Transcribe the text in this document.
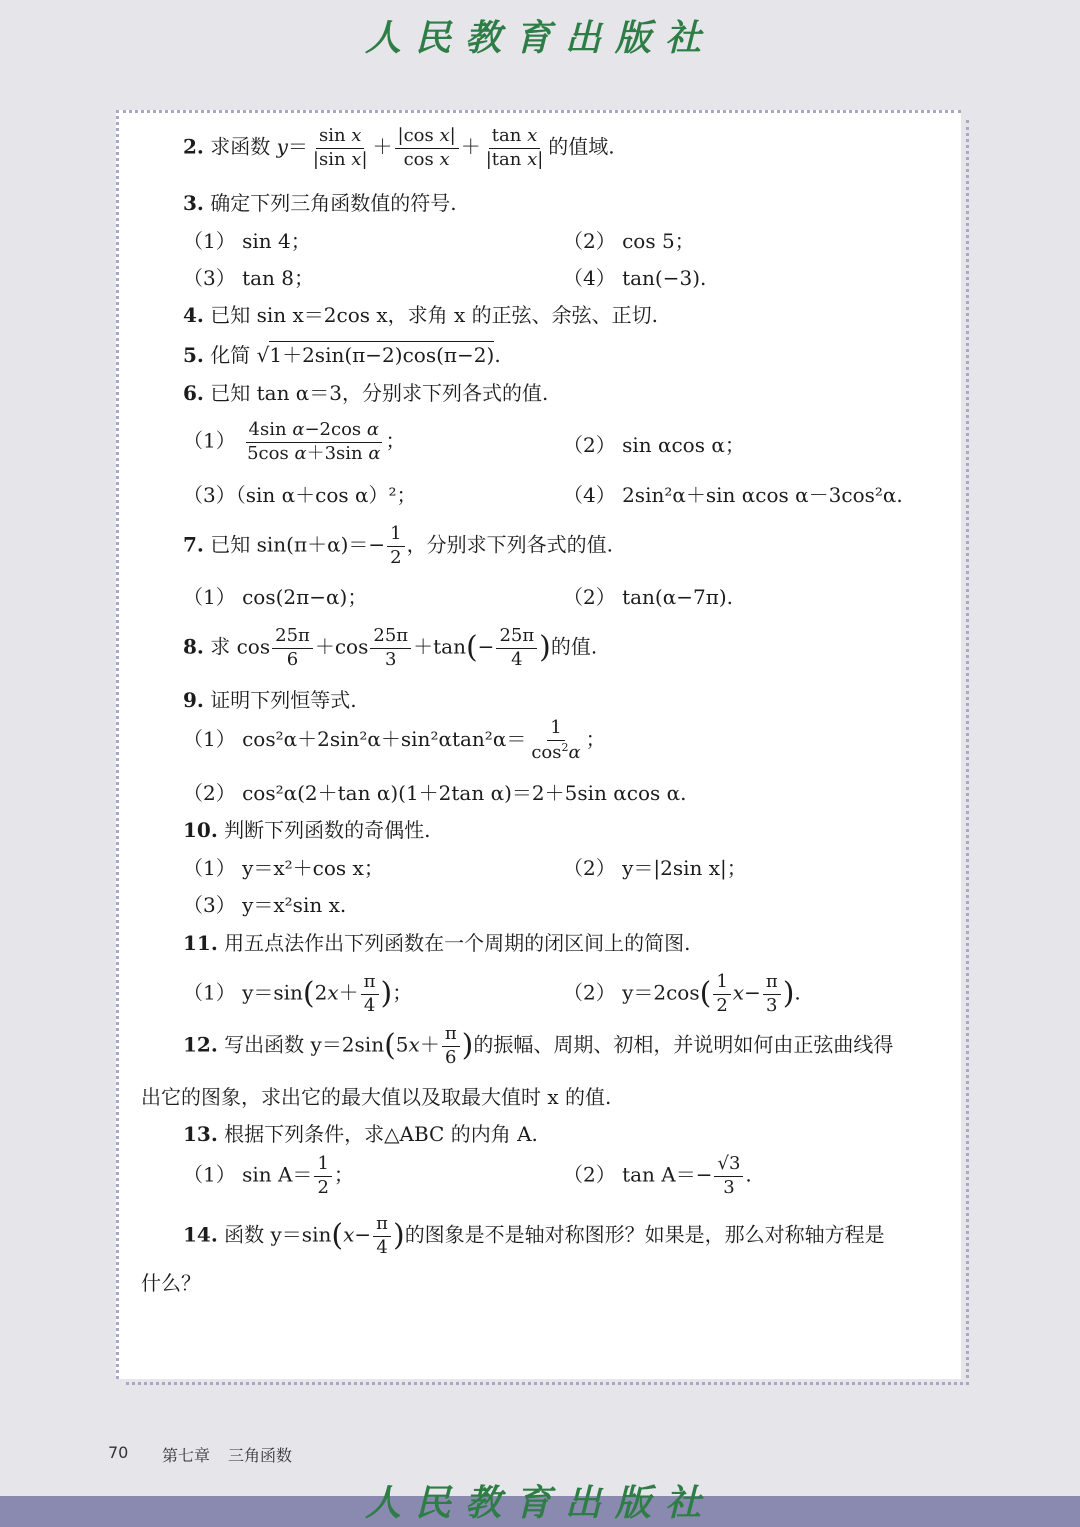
人民教育出版社
2. 求函数 $y= \frac{\text{sin x}}{\text{|sin x|}} + \frac{\text{|cos x|}}{\text{cos x}} + \frac{\text{tan x}}{\text{|tan x|}}$ 的值域.
3. 确定下列三角函数值的符号.
（1） sin 4；	（2） cos 5；
（3） tan 8；	（4） tan(−3).
4. 已知 sin x＝2cos x，求角 x 的正弦、余弦、正切.
5. 化简 √1＋2sin(π−2)cos(π−2).
6. 已知 tan α＝3，分别求下列各式的值.
$(1) \frac{\text{4sin α−2cos α}}{\text{5cos α＋3sin α}}$ ；	（2） sin αcos α；
（3）（sin α＋cos α）²；	（4） 2sin²α＋sin αcos α－3cos²α.
7. 已知 $\sin(\pi+\alpha)=- \frac{1}{2}$ ，分别求下列各式的值.
（1） cos(2π−α)；	（2） tan(α−7π).
8. 求 $\cos \frac{25\pi}{6} +\cos \frac{25\pi}{3} +\tan(- \frac{25\pi}{4}$ )的值.
9. 证明下列恒等式.
（1） $\cos^2\alpha+2\sin^2\alpha+\sin^2\alpha\tan^2\alpha= \frac{1}{\cos^2\alpha}$ ；
（2） cos²α(2＋tan α)(1＋2tan α)＝2＋5sin αcos α.
10. 判断下列函数的奇偶性.
（1） y＝x²＋cos x；	（2） y＝|2sin x|；
（3） y＝x²sin x.
11. 用五点法作出下列函数在一个周期的闭区间上的简图.
（1） $y=\sin(2x+ \frac{\pi}{4}$ )；	（2） $y=2\cos( \frac{1}{2} x- \frac{\pi}{3}$ ).
12. 写出函数 $y=2\sin(5x+ \frac{\pi}{6}$ )的振幅、周期、初相，并说明如何由正弦曲线得
出它的图象，求出它的最大值以及取最大值时 x 的值.
13. 根据下列条件，求△ABC 的内角 A.
（1） $\sin A= \frac{1}{2}$ ；	（2） $\tan A=- \frac{√3}{3}$ .
14. 函数 $y=\sin(x- \frac{\pi}{4}$ )的图象是不是轴对称图形？如果是，那么对称轴方程是
什么？
70 第七章 三角函数
人民教育出版社
